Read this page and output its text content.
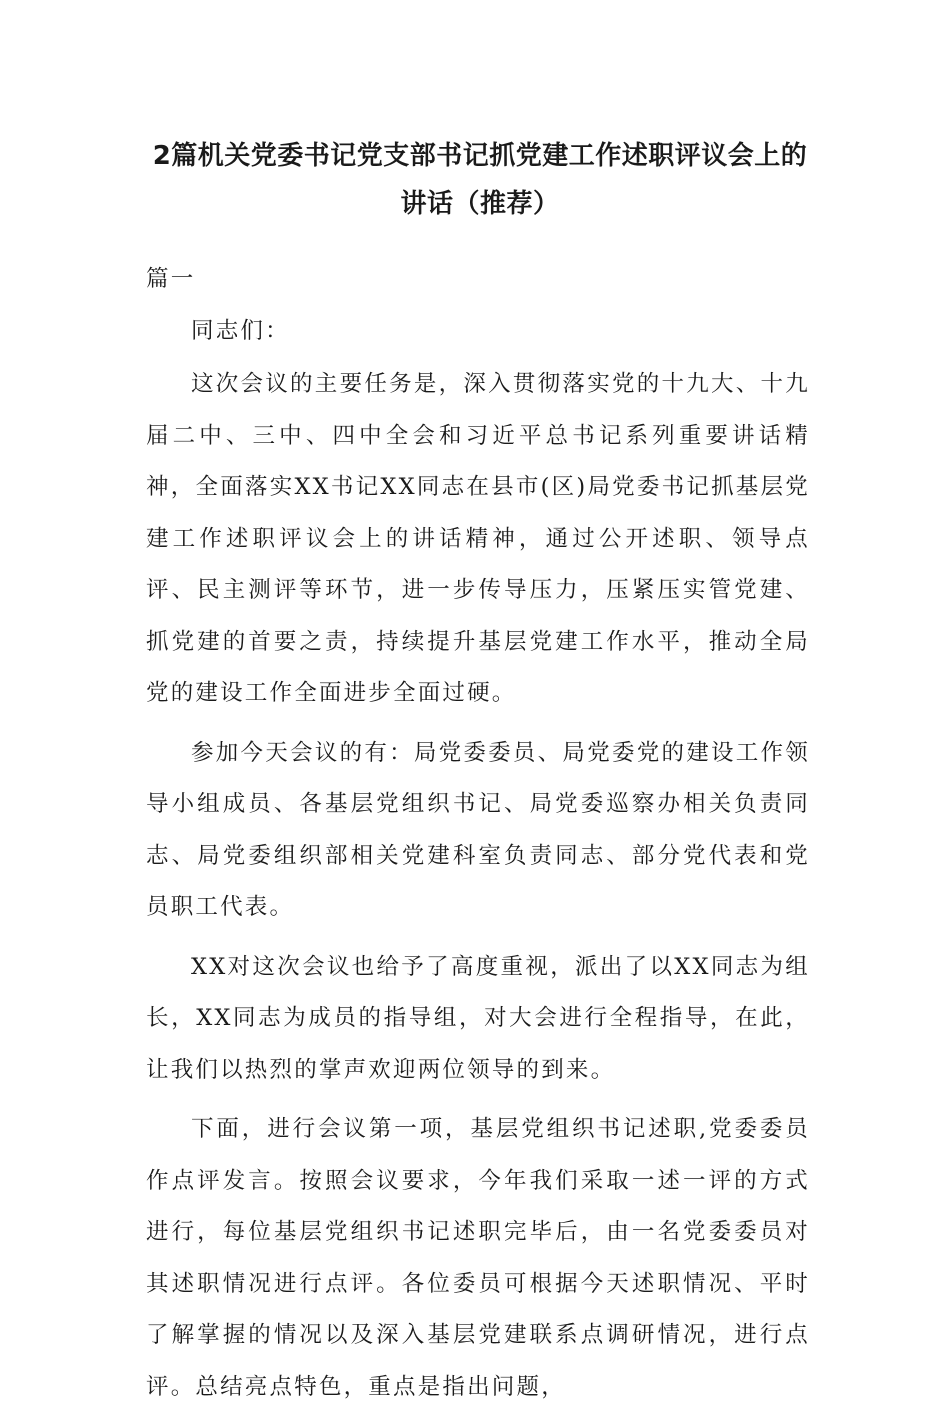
2篇机关党委书记党支部书记抓党建工作述职评议会上的讲话（推荐）

篇一

同志们：

这次会议的主要任务是，深入贯彻落实党的十九大、十九届二中、三中、四中全会和习近平总书记系列重要讲话精神，全面落实XX书记XX同志在县市(区)局党委书记抓基层党建工作述职评议会上的讲话精神，通过公开述职、领导点评、民主测评等环节，进一步传导压力，压紧压实管党建、抓党建的首要之责，持续提升基层党建工作水平，推动全局党的建设工作全面进步全面过硬。

参加今天会议的有：局党委委员、局党委党的建设工作领导小组成员、各基层党组织书记、局党委巡察办相关负责同志、局党委组织部相关党建科室负责同志、部分党代表和党员职工代表。

XX对这次会议也给予了高度重视，派出了以XX同志为组长，XX同志为成员的指导组，对大会进行全程指导，在此，让我们以热烈的掌声欢迎两位领导的到来。

下面，进行会议第一项，基层党组织书记述职,党委委员作点评发言。按照会议要求，今年我们采取一述一评的方式进行，每位基层党组织书记述职完毕后，由一名党委委员对其述职情况进行点评。各位委员可根据今天述职情况、平时了解掌握的情况以及深入基层党建联系点调研情况，进行点评。总结亮点特色，重点是指出问题，
